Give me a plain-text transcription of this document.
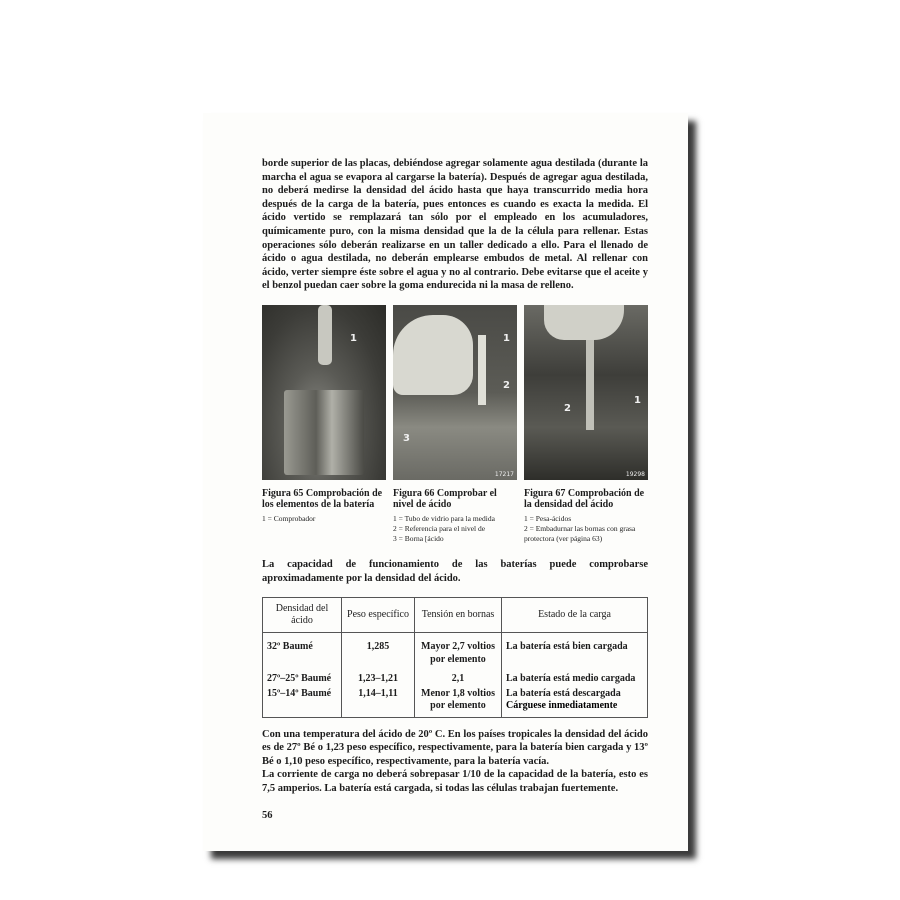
borde superior de las placas, debiéndose agregar solamente agua destilada (durante la marcha el agua se evapora al cargarse la batería). Después de agregar agua destilada, no deberá medirse la densidad del ácido hasta que haya transcurrido media hora después de la carga de la batería, pues entonces es cuando es exacta la medida. El ácido vertido se remplazará tan sólo por el empleado en los acumuladores, químicamente puro, con la misma densidad que la de la célula para rellenar. Estas operaciones sólo deberán realizarse en un taller dedicado a ello. Para el llenado de ácido o agua destilada, no deberán emplearse embudos de metal. Al rellenar con ácido, verter siempre éste sobre el agua y no al contrario. Debe evitarse que el aceite y el benzol puedan caer sobre la goma endurecida ni la masa de relleno.

1	1
2
3
17217
1
2
19298
Figura 65 Comprobación de los elementos de la batería
1 = Comprobador
Figura 66 Comprobar el nivel de ácido
1 = Tubo de vidrio para la medida
2 = Referencia para el nivel de
3 = Borna [ácido
Figura 67 Comprobación de la densidad del ácido
1 = Pesa-ácidos
2 = Embadurnar las bornas con grasa protectora (ver página 63)

La capacidad de funcionamiento de las baterías puede comprobarse aproximadamente por la densidad del ácido.

Densidad del ácido	Peso específico	Tensión en bornas	Estado de la carga
32º Baumé	1,285	Mayor 2,7 voltios por elemento	La batería está bien cargada
27º–25º Baumé	1,23–1,21	2,1	La batería está medio cargada
15º–14º Baumé	1,14–1,11	Menor 1,8 voltios por elemento	La batería está descargada
Cárguese inmediatamente

Con una temperatura del ácido de 20º C. En los países tropicales la densidad del ácido es de 27º Bé o 1,23 peso específico, respectivamente, para la batería bien cargada y 13º Bé o 1,10 peso específico, respectivamente, para la batería vacía.

La corriente de carga no deberá sobrepasar 1/10 de la capacidad de la batería, esto es 7,5 amperios. La batería está cargada, si todas las células trabajan fuertemente.

56
